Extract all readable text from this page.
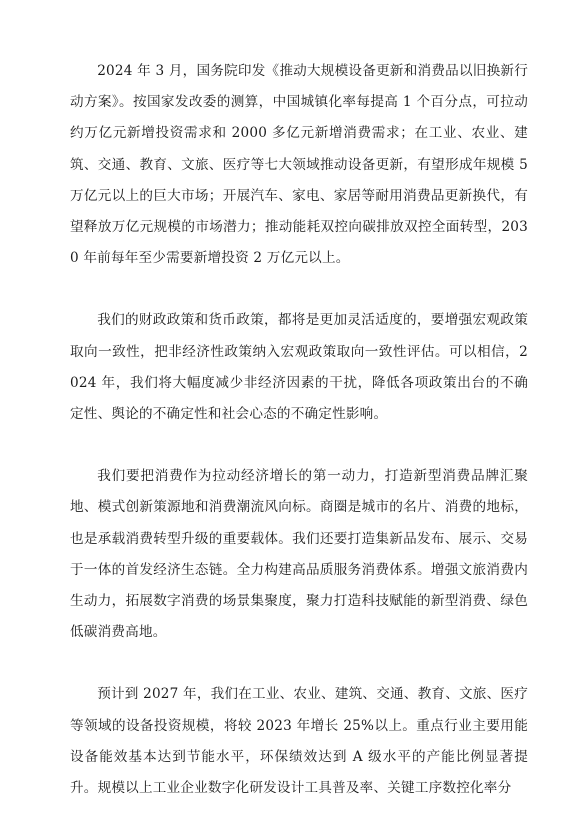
2024 年 3 月，国务院印发《推动大规模设备更新和消费品以旧换新行动方案》。按国家发改委的测算，中国城镇化率每提高 1 个百分点，可拉动约万亿元新增投资需求和 2000 多亿元新增消费需求；在工业、农业、建筑、交通、教育、文旅、医疗等七大领域推动设备更新，有望形成年规模 5 万亿元以上的巨大市场；开展汽车、家电、家居等耐用消费品更新换代，有望释放万亿元规模的市场潜力；推动能耗双控向碳排放双控全面转型，2030 年前每年至少需要新增投资 2 万亿元以上。

我们的财政政策和货币政策，都将是更加灵活适度的，要增强宏观政策取向一致性，把非经济性政策纳入宏观政策取向一致性评估。可以相信，2024 年，我们将大幅度减少非经济因素的干扰，降低各项政策出台的不确定性、舆论的不确定性和社会心态的不确定性影响。

我们要把消费作为拉动经济增长的第一动力，打造新型消费品牌汇聚地、模式创新策源地和消费潮流风向标。商圈是城市的名片、消费的地标，也是承载消费转型升级的重要载体。我们还要打造集新品发布、展示、交易于一体的首发经济生态链。全力构建高品质服务消费体系。增强文旅消费内生动力，拓展数字消费的场景集聚度，聚力打造科技赋能的新型消费、绿色低碳消费高地。

预计到 2027 年，我们在工业、农业、建筑、交通、教育、文旅、医疗等领域的设备投资规模，将较 2023 年增长 25%以上。重点行业主要用能设备能效基本达到节能水平，环保绩效达到 A 级水平的产能比例显著提升。规模以上工业企业数字化研发设计工具普及率、关键工序数控化率分
